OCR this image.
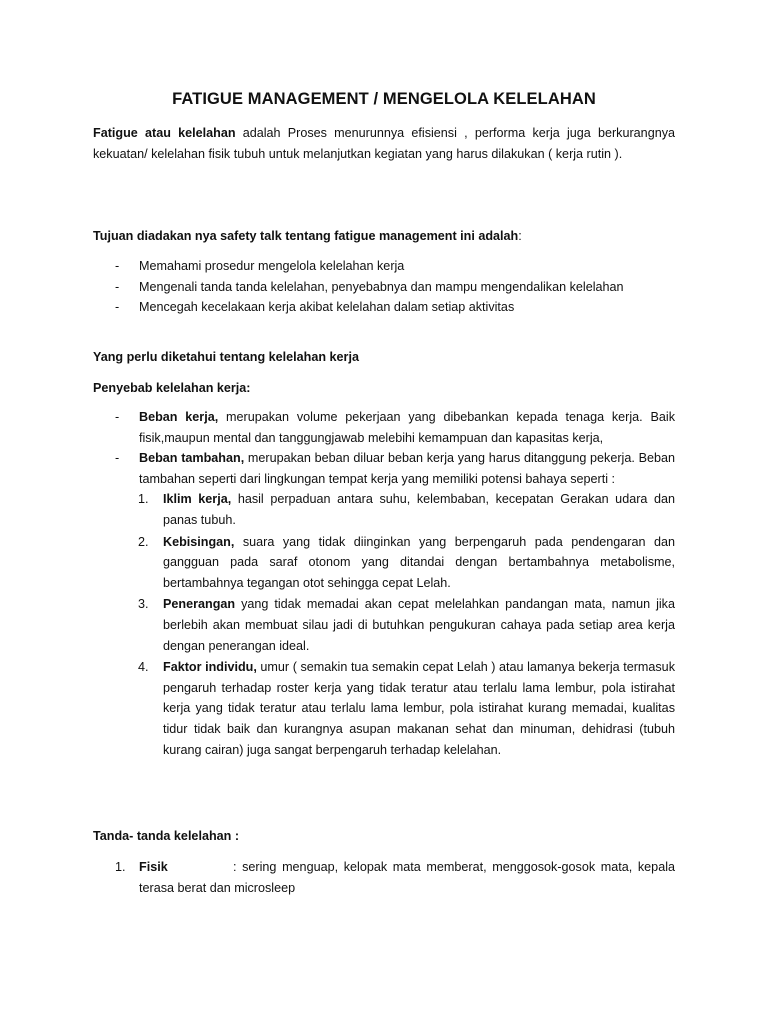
FATIGUE MANAGEMENT / MENGELOLA KELELAHAN

Fatigue atau kelelahan adalah Proses menurunnya efisiensi , performa kerja juga berkurangnya kekuatan/ kelelahan fisik tubuh untuk melanjutkan kegiatan yang harus dilakukan ( kerja rutin ).

Tujuan diadakan nya safety talk tentang fatigue management ini adalah:

- Memahami prosedur mengelola kelelahan kerja
- Mengenali tanda tanda kelelahan, penyebabnya dan mampu mengendalikan kelelahan
- Mencegah kecelakaan kerja akibat kelelahan dalam setiap aktivitas

Yang perlu diketahui tentang kelelahan kerja

Penyebab kelelahan kerja:

- Beban kerja, merupakan volume pekerjaan yang dibebankan kepada tenaga kerja. Baik fisik,maupun mental dan tanggungjawab melebihi kemampuan dan kapasitas kerja,
- Beban tambahan, merupakan beban diluar beban kerja yang harus ditanggung pekerja. Beban tambahan seperti dari lingkungan tempat kerja yang memiliki potensi bahaya seperti :
1. Iklim kerja, hasil perpaduan antara suhu, kelembaban, kecepatan Gerakan udara dan panas tubuh.
2. Kebisingan, suara yang tidak diinginkan yang berpengaruh pada pendengaran dan gangguan pada saraf otonom yang ditandai dengan bertambahnya metabolisme, bertambahnya tegangan otot sehingga cepat Lelah.
3. Penerangan yang tidak memadai akan cepat melelahkan pandangan mata, namun jika berlebih akan membuat silau jadi di butuhkan pengukuran cahaya pada setiap area kerja dengan penerangan ideal.
4. Faktor individu, umur ( semakin tua semakin cepat Lelah ) atau lamanya bekerja termasuk pengaruh terhadap roster kerja yang tidak teratur atau terlalu lama lembur, pola istirahat kerja yang tidak teratur atau terlalu lama lembur, pola istirahat kurang memadai, kualitas tidur tidak baik dan kurangnya asupan makanan sehat dan minuman, dehidrasi (tubuh kurang cairan) juga sangat berpengaruh terhadap kelelahan.

Tanda- tanda kelelahan :

1. Fisik	: sering menguap, kelopak mata memberat, menggosok-gosok mata, kepala terasa berat dan microsleep
